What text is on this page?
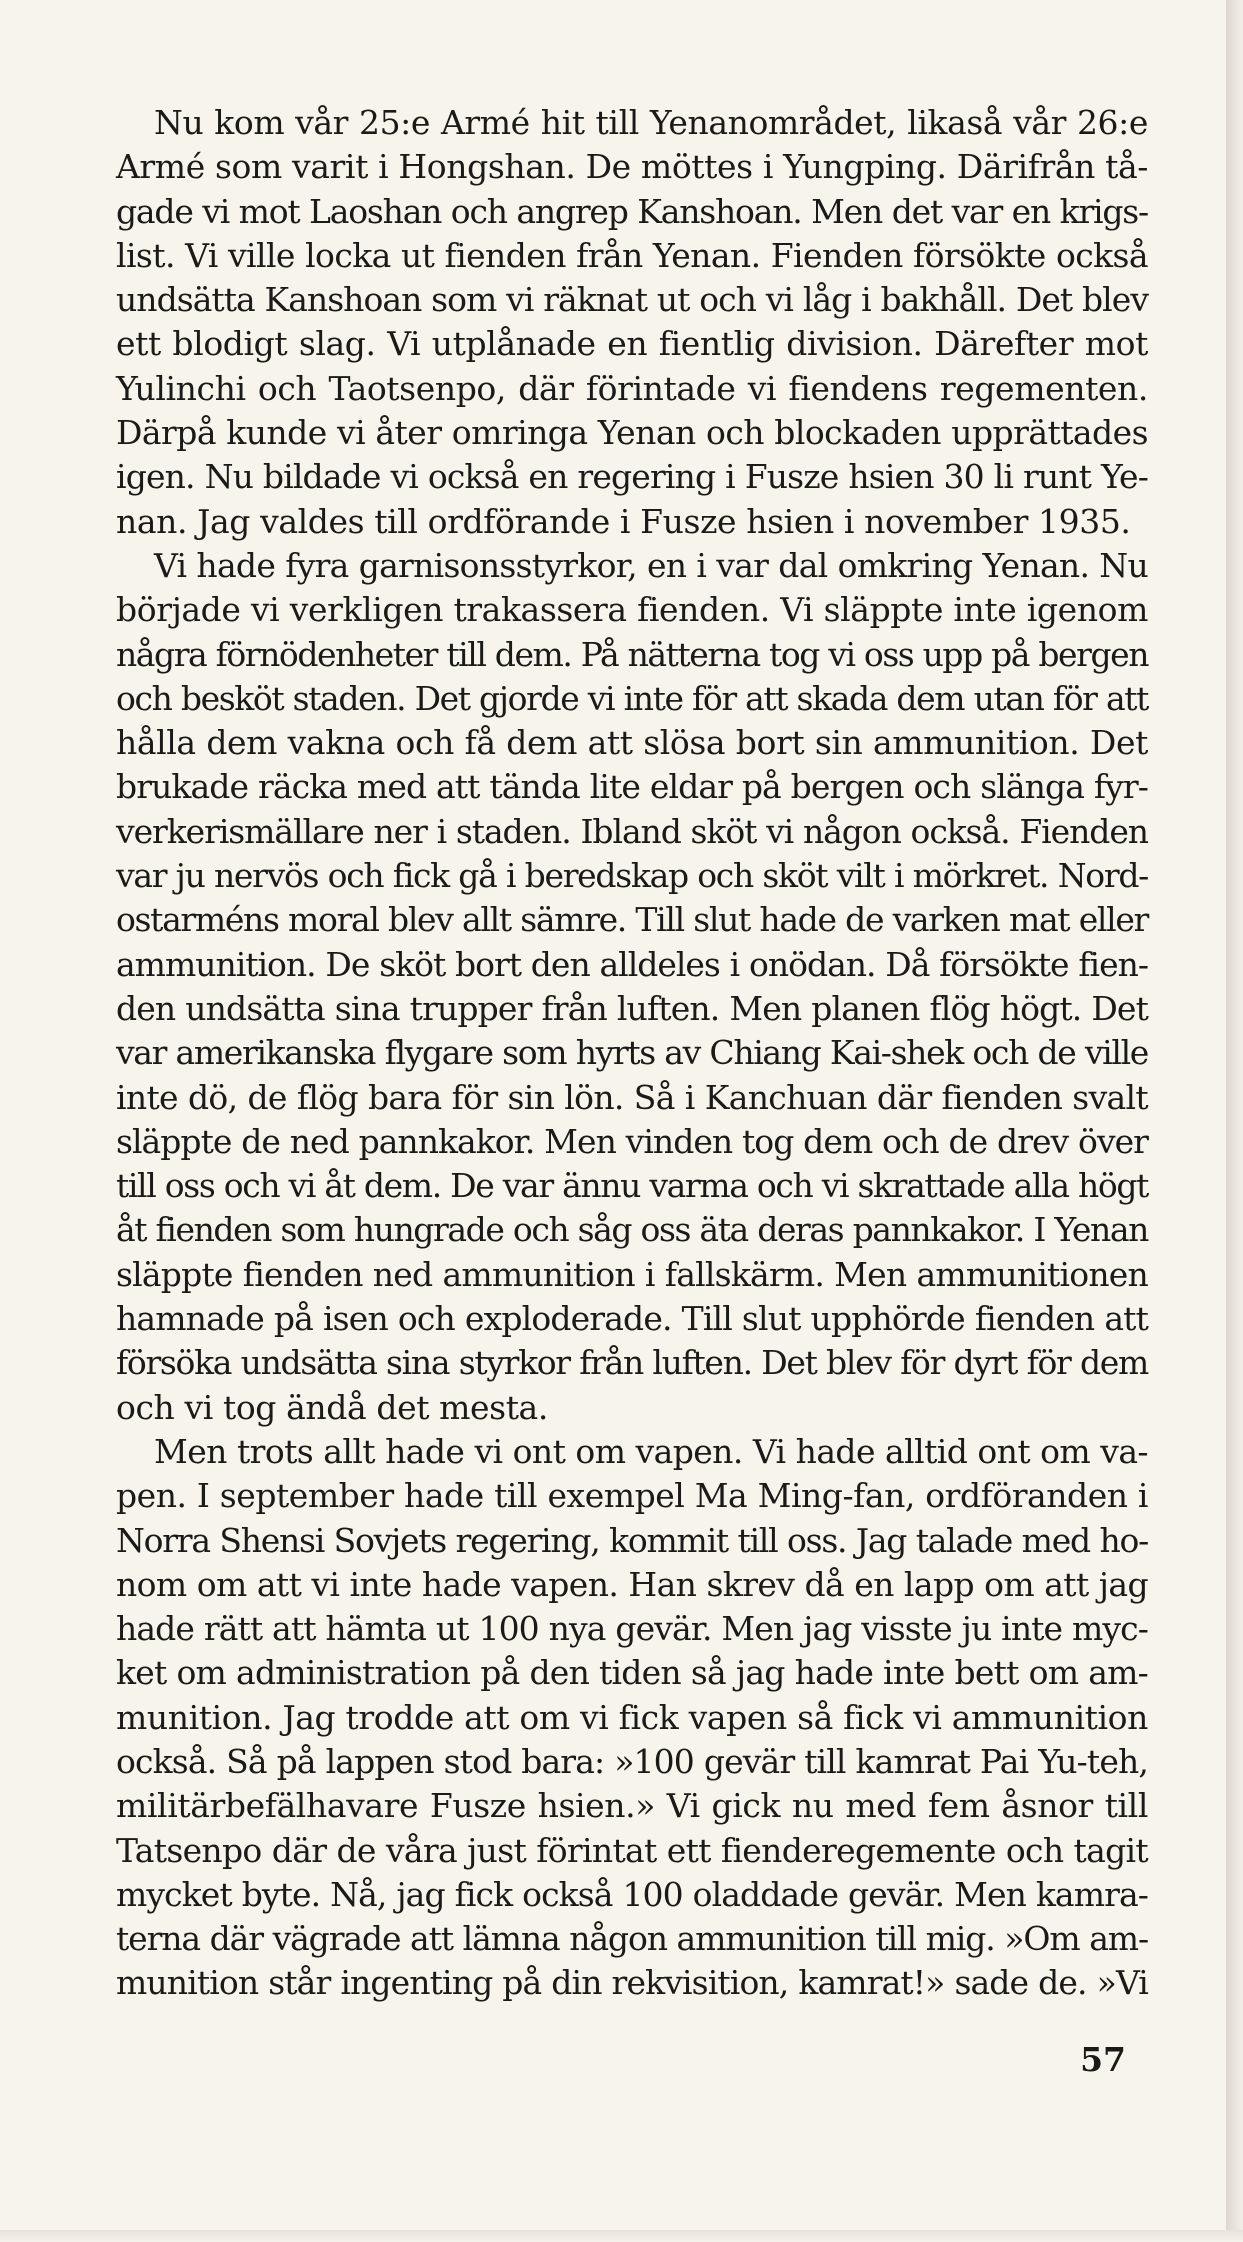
Nu kom vår 25:e Armé hit till Yenanområdet, likaså vår 26:e
Armé som varit i Hongshan. De möttes i Yungping. Därifrån tå-
gade vi mot Laoshan och angrep Kanshoan. Men det var en krigs-
list. Vi ville locka ut fienden från Yenan. Fienden försökte också
undsätta Kanshoan som vi räknat ut och vi låg i bakhåll. Det blev
ett blodigt slag. Vi utplånade en fientlig division. Därefter mot
Yulinchi och Taotsenpo, där förintade vi fiendens regementen.
Därpå kunde vi åter omringa Yenan och blockaden upprättades
igen. Nu bildade vi också en regering i Fusze hsien 30 li runt Ye-
nan. Jag valdes till ordförande i Fusze hsien i november 1935.
Vi hade fyra garnisonsstyrkor, en i var dal omkring Yenan. Nu
började vi verkligen trakassera fienden. Vi släppte inte igenom
några förnödenheter till dem. På nätterna tog vi oss upp på bergen
och besköt staden. Det gjorde vi inte för att skada dem utan för att
hålla dem vakna och få dem att slösa bort sin ammunition. Det
brukade räcka med att tända lite eldar på bergen och slänga fyr-
verkerismällare ner i staden. Ibland sköt vi någon också. Fienden
var ju nervös och fick gå i beredskap och sköt vilt i mörkret. Nord-
ostarméns moral blev allt sämre. Till slut hade de varken mat eller
ammunition. De sköt bort den alldeles i onödan. Då försökte fien-
den undsätta sina trupper från luften. Men planen flög högt. Det
var amerikanska flygare som hyrts av Chiang Kai-shek och de ville
inte dö, de flög bara för sin lön. Så i Kanchuan där fienden svalt
släppte de ned pannkakor. Men vinden tog dem och de drev över
till oss och vi åt dem. De var ännu varma och vi skrattade alla högt
åt fienden som hungrade och såg oss äta deras pannkakor. I Yenan
släppte fienden ned ammunition i fallskärm. Men ammunitionen
hamnade på isen och exploderade. Till slut upphörde fienden att
försöka undsätta sina styrkor från luften. Det blev för dyrt för dem
och vi tog ändå det mesta.
Men trots allt hade vi ont om vapen. Vi hade alltid ont om va-
pen. I september hade till exempel Ma Ming-fan, ordföranden i
Norra Shensi Sovjets regering, kommit till oss. Jag talade med ho-
nom om att vi inte hade vapen. Han skrev då en lapp om att jag
hade rätt att hämta ut 100 nya gevär. Men jag visste ju inte myc-
ket om administration på den tiden så jag hade inte bett om am-
munition. Jag trodde att om vi fick vapen så fick vi ammunition
också. Så på lappen stod bara: »100 gevär till kamrat Pai Yu-teh,
militärbefälhavare Fusze hsien.» Vi gick nu med fem åsnor till
Tatsenpo där de våra just förintat ett fienderegemente och tagit
mycket byte. Nå, jag fick också 100 oladdade gevär. Men kamra-
terna där vägrade att lämna någon ammunition till mig. »Om am-
munition står ingenting på din rekvisition, kamrat!» sade de. »Vi
57
